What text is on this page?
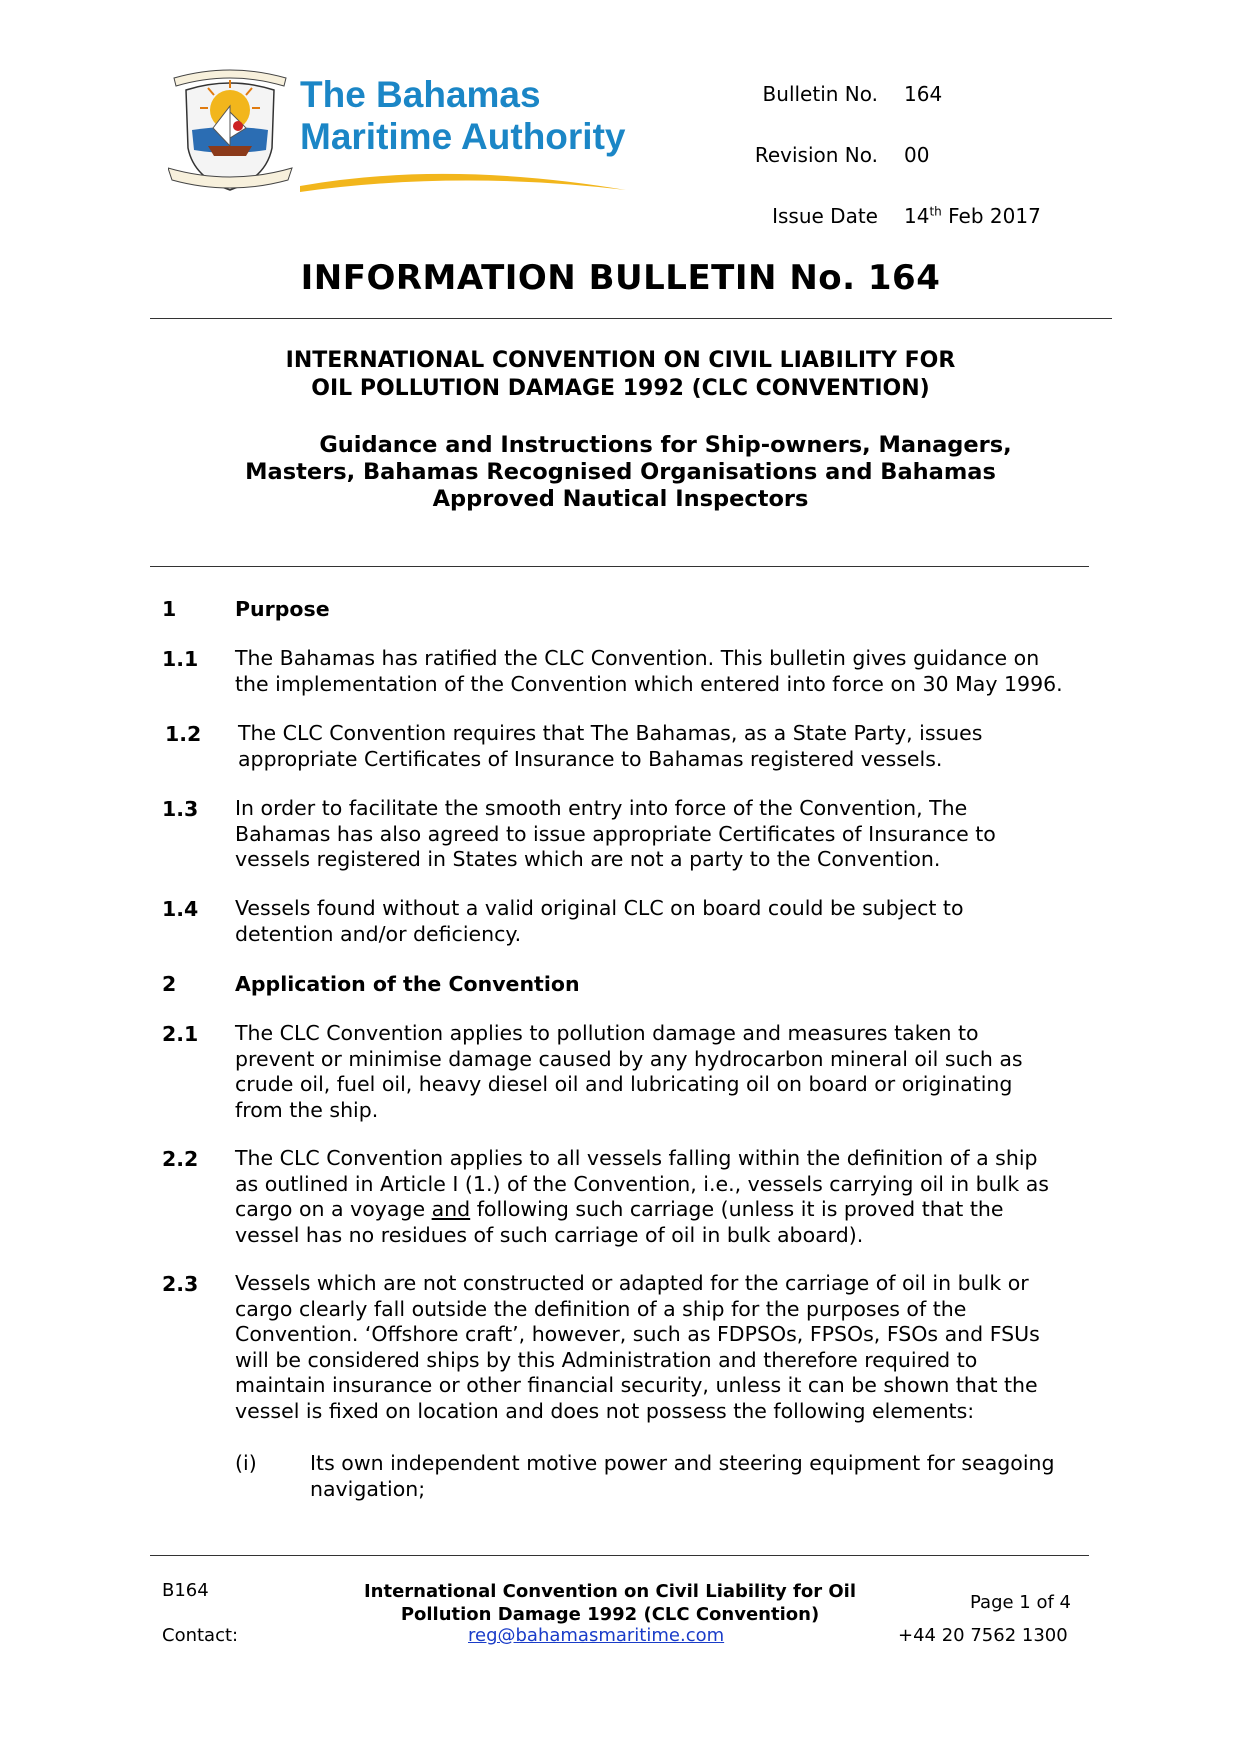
The Bahamas
Maritime Authority
Bulletin No. 164
Revision No. 00
Issue Date 14th Feb 2017
INFORMATION BULLETIN No. 164
INTERNATIONAL CONVENTION ON CIVIL LIABILITY FOR
OIL POLLUTION DAMAGE 1992 (CLC CONVENTION)
Guidance and Instructions for Ship-owners, Managers,
Masters, Bahamas Recognised Organisations and Bahamas
Approved Nautical Inspectors
1	Purpose
1.1 The Bahamas has ratified the CLC Convention. This bulletin gives guidance on
the implementation of the Convention which entered into force on 30 May 1996.
1.2 The CLC Convention requires that The Bahamas, as a State Party, issues
appropriate Certificates of Insurance to Bahamas registered vessels.
1.3 In order to facilitate the smooth entry into force of the Convention, The
Bahamas has also agreed to issue appropriate Certificates of Insurance to
vessels registered in States which are not a party to the Convention.
1.4 Vessels found without a valid original CLC on board could be subject to
detention and/or deficiency.
2	Application of the Convention
2.1 The CLC Convention applies to pollution damage and measures taken to
prevent or minimise damage caused by any hydrocarbon mineral oil such as
crude oil, fuel oil, heavy diesel oil and lubricating oil on board or originating
from the ship.
2.2 The CLC Convention applies to all vessels falling within the definition of a ship
as outlined in Article I (1.) of the Convention, i.e., vessels carrying oil in bulk as
cargo on a voyage and following such carriage (unless it is proved that the
vessel has no residues of such carriage of oil in bulk aboard).
2.3 Vessels which are not constructed or adapted for the carriage of oil in bulk or
cargo clearly fall outside the definition of a ship for the purposes of the
Convention. ‘Offshore craft’, however, such as FDPSOs, FPSOs, FSOs and FSUs
will be considered ships by this Administration and therefore required to
maintain insurance or other financial security, unless it can be shown that the
vessel is fixed on location and does not possess the following elements:
(i)	Its own independent motive power and steering equipment for seagoing
navigation;
B164	International Convention on Civil Liability for Oil
Pollution Damage 1992 (CLC Convention)
Page 1 of 4
Contact:	reg@bahamasmaritime.com	+44 20 7562 1300
